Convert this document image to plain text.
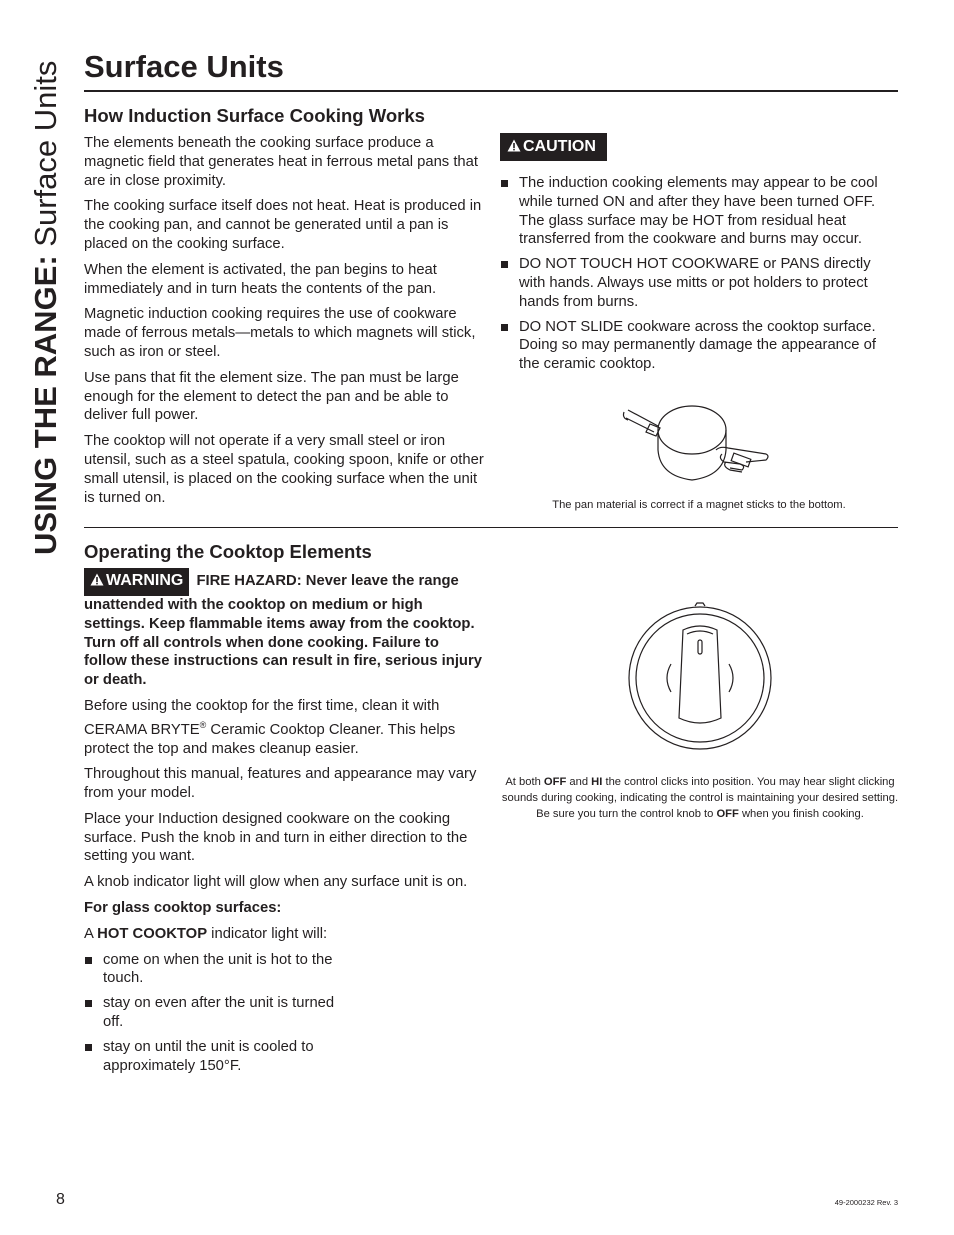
USING THE RANGE: Surface Units Surface Units
How Induction Surface Cooking Works

The elements beneath the cooking surface produce a magnetic field that generates heat in ferrous metal pans that are in close proximity.

The cooking surface itself does not heat. Heat is produced in the cooking pan, and cannot be generated until a pan is placed on the cooking surface.

When the element is activated, the pan begins to heat immediately and in turn heats the contents of the pan.

Magnetic induction cooking requires the use of cookware made of ferrous metals—metals to which magnets will stick, such as iron or steel.

Use pans that fit the element size. The pan must be large enough for the element to detect the pan and be able to deliver full power.

The cooktop will not operate if a very small steel or iron utensil, such as a steel spatula, cooking spoon, knife or other small utensil, is placed on the cooking surface when the unit is turned on.

CAUTION
The induction cooking elements may appear to be cool while turned ON and after they have been turned OFF. The glass surface may be HOT from residual heat transferred from the cookware and burns may occur.
DO NOT TOUCH HOT COOKWARE or PANS directly with hands. Always use mitts or pot holders to protect hands from burns.
DO NOT SLIDE cookware across the cooktop surface. Doing so may permanently damage the appearance of the ceramic cooktop.
The pan material is correct if a magnet sticks to the bottom.
Operating the Cooktop Elements

WARNING FIRE HAZARD: Never leave the range unattended with the cooktop on medium or high settings. Keep flammable items away from the cooktop. Turn off all controls when done cooking. Failure to follow these instructions can result in fire, serious injury or death.

Before using the cooktop for the first time, clean it with CERAMA BRYTE® Ceramic Cooktop Cleaner. This helps protect the top and makes cleanup easier.

Throughout this manual, features and appearance may vary from your model.

Place your Induction designed cookware on the cooking surface. Push the knob in and turn in either direction to the setting you want.

A knob indicator light will glow when any surface unit is on.

For glass cooktop surfaces:

A HOT COOKTOP indicator light will:

come on when the unit is hot to the touch.
stay on even after the unit is turned off.
stay on until the unit is cooled to approximately 150°F.
At both OFF and HI the control clicks into position. You may hear slight clicking sounds during cooking, indicating the control is maintaining your desired setting.
Be sure you turn the control knob to OFF when you finish cooking.
8	49-2000232 Rev. 3
